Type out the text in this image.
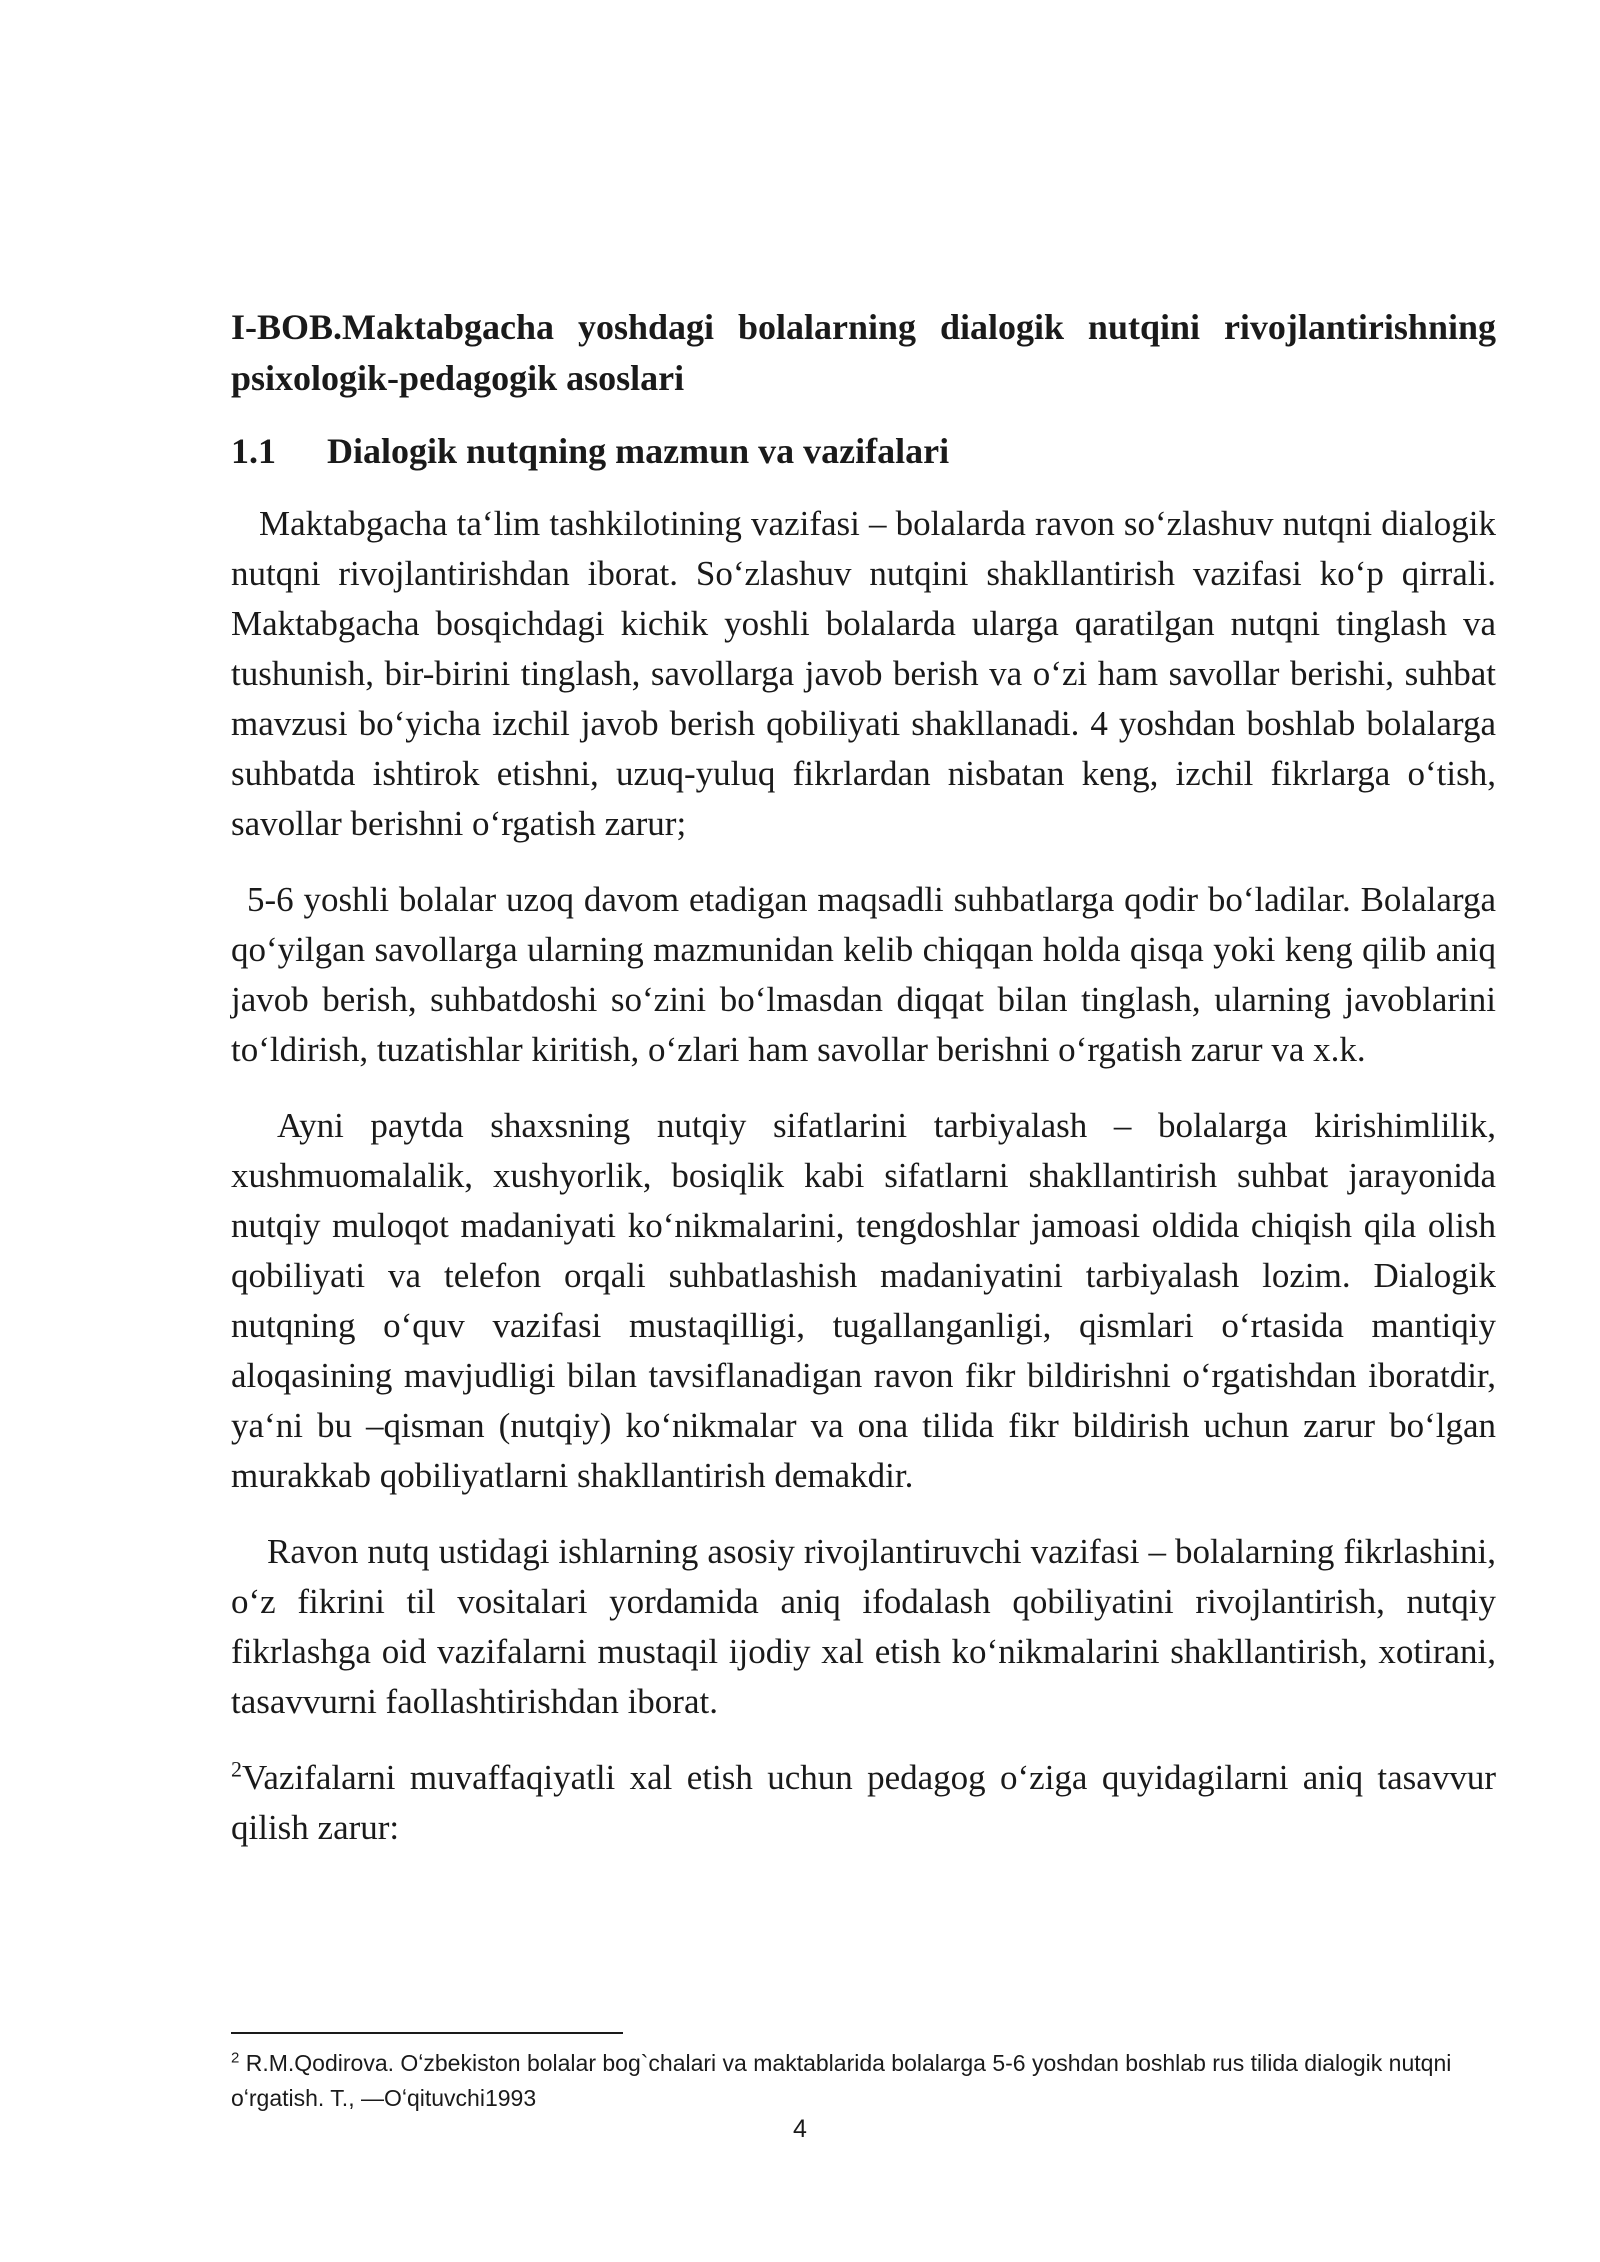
I-BOB.Maktabgacha yoshdagi bolalarning dialogik nutqini rivojlantirishning psixologik-pedagogik asoslari
1.1	Dialogik nutqning mazmun va vazifalari

Maktabgacha taʻlim tashkilotining vazifasi – bolalarda ravon soʻzlashuv nutqni dialogik nutqni rivojlantirishdan iborat. Soʻzlashuv nutqini shakllantirish vazifasi koʻp qirrali. Maktabgacha bosqichdagi kichik yoshli bolalarda ularga qaratilgan nutqni tinglash va tushunish, bir-birini tinglash, savollarga javob berish va oʻzi ham savollar berishi, suhbat mavzusi boʻyicha izchil javob berish qobiliyati shakllanadi. 4 yoshdan boshlab bolalarga suhbatda ishtirok etishni, uzuq-yuluq fikrlardan nisbatan keng, izchil fikrlarga oʻtish, savollar berishni oʻrgatish zarur;

5-6 yoshli bolalar uzoq davom etadigan maqsadli suhbatlarga qodir boʻladilar. Bolalarga qoʻyilgan savollarga ularning mazmunidan kelib chiqqan holda qisqa yoki keng qilib aniq javob berish, suhbatdoshi soʻzini boʻlmasdan diqqat bilan tinglash, ularning javoblarini toʻldirish, tuzatishlar kiritish, oʻzlari ham savollar berishni oʻrgatish zarur va x.k.

Ayni paytda shaxsning nutqiy sifatlarini tarbiyalash – bolalarga kirishimlilik, xushmuomalalik, xushyorlik, bosiqlik kabi sifatlarni shakllantirish suhbat jarayonida nutqiy muloqot madaniyati koʻnikmalarini, tengdoshlar jamoasi oldida chiqish qila olish qobiliyati va telefon orqali suhbatlashish madaniyatini tarbiyalash lozim. Dialogik nutqning oʻquv vazifasi mustaqilligi, tugallanganligi, qismlari oʻrtasida mantiqiy aloqasining mavjudligi bilan tavsiflanadigan ravon fikr bildirishni oʻrgatishdan iboratdir, yaʻni bu –qisman (nutqiy) koʻnikmalar va ona tilida fikr bildirish uchun zarur boʻlgan murakkab qobiliyatlarni shakllantirish demakdir.

Ravon nutq ustidagi ishlarning asosiy rivojlantiruvchi vazifasi – bolalarning fikrlashini, oʻz fikrini til vositalari yordamida aniq ifodalash qobiliyatini rivojlantirish, nutqiy fikrlashga oid vazifalarni mustaqil ijodiy xal etish koʻnikmalarini shakllantirish, xotirani, tasavvurni faollashtirishdan iborat.

$^2$Vazifalarni muvaffaqiyatli xal etish uchun pedagog oʻziga quyidagilarni aniq tasavvur qilish zarur:

$^2$ R.M.Qodirova. Oʻzbekiston bolalar bog`chalari va maktablarida bolalarga 5-6 yoshdan boshlab rus tilida dialogik nutqni oʻrgatish. T., —Oʻqituvchi1993
4
